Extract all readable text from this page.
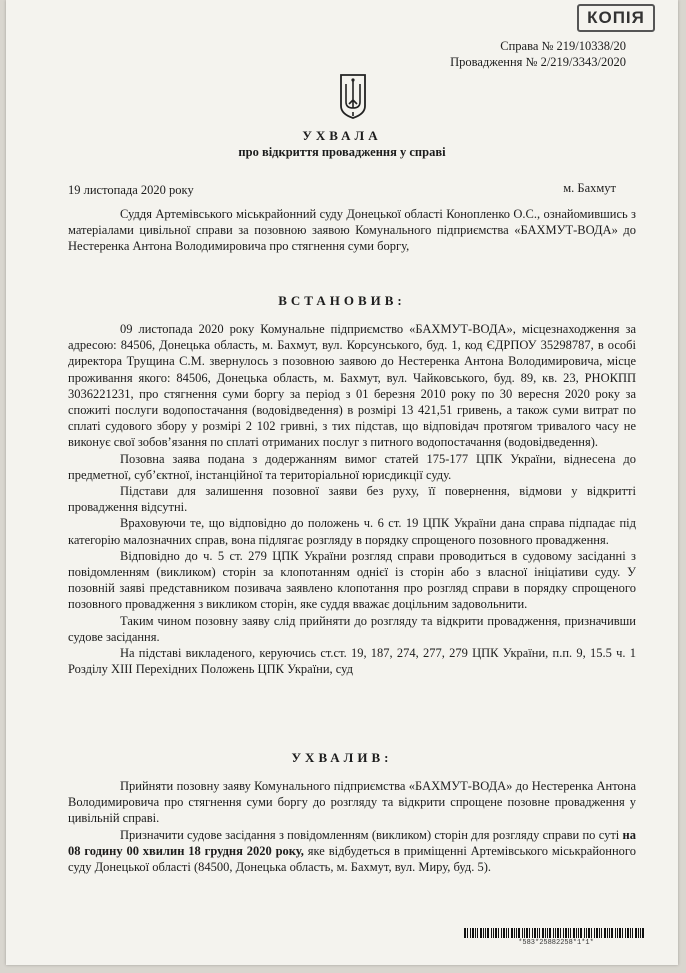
КОПІЯ
Справа № 219/10338/20
Провадження № 2/219/3343/2020
УХВАЛА
про відкриття провадження у справі
19 листопада 2020 року	м. Бахмут

Суддя Артемівського міськрайонний суду Донецької області Конопленко О.С., ознайомившись з матеріалами цивільної справи за позовною заявою Комунального підприємства «БАХМУТ-ВОДА» до Нестеренка Антона Володимировича про стягнення суми боргу,

ВСТАНОВИВ:

09 листопада 2020 року Комунальне підприємство «БАХМУТ-ВОДА», місцезнаходження за адресою: 84506, Донецька область, м. Бахмут, вул. Корсунського, буд. 1, код ЄДРПОУ 35298787, в особі директора Трущина С.М. звернулось з позовною заявою до Нестеренка Антона Володимировича, місце проживання якого: 84506, Донецька область, м. Бахмут, вул. Чайковського, буд. 89, кв. 23, РНОКПП 3036221231, про стягнення суми боргу за період з 01 березня 2010 року по 30 вересня 2020 року за спожиті послуги водопостачання (водовідведення) в розмірі 13 421,51 гривень, а також суми витрат по сплаті судового збору у розмірі 2 102 гривні, з тих підстав, що відповідач протягом тривалого часу не виконує свої зобов’язання по сплаті отриманих послуг з питного водопостачання (водовідведення).

Позовна заява подана з додержанням вимог статей 175-177 ЦПК України, віднесена до предметної, суб’єктної, інстанційної та територіальної юрисдикції суду.

Підстави для залишення позовної заяви без руху, її повернення, відмови у відкритті провадження відсутні.

Враховуючи те, що відповідно до положень ч. 6 ст. 19 ЦПК України дана справа підпадає під категорію малозначних справ, вона підлягає розгляду в порядку спрощеного позовного провадження.

Відповідно до ч. 5 ст. 279 ЦПК України розгляд справи проводиться в судовому засіданні з повідомленням (викликом) сторін за клопотанням однієї із сторін або з власної ініціативи суду. У позовній заяві представником позивача заявлено клопотання про розгляд справи в порядку спрощеного позовного провадження з викликом сторін, яке суддя вважає доцільним задовольнити.

Таким чином позовну заяву слід прийняти до розгляду та відкрити провадження, призначивши судове засідання.

На підставі викладеного, керуючись ст.ст. 19, 187, 274, 277, 279 ЦПК України, п.п. 9, 15.5 ч. 1 Розділу XIII Перехідних Положень ЦПК України, суд

УХВАЛИВ:

Прийняти позовну заяву Комунального підприємства «БАХМУТ-ВОДА» до Нестеренка Антона Володимировича про стягнення суми боргу до розгляду та відкрити спрощене позовне провадження у цивільній справі.

Призначити судове засідання з повідомленням (викликом) сторін для розгляду справи по суті на 08 годину 00 хвилин 18 грудня 2020 року, яке відбудеться в приміщенні Артемівського міськрайонного суду Донецької області (84500, Донецька область, м. Бахмут, вул. Миру, буд. 5).

*583*25882258*1*1*
